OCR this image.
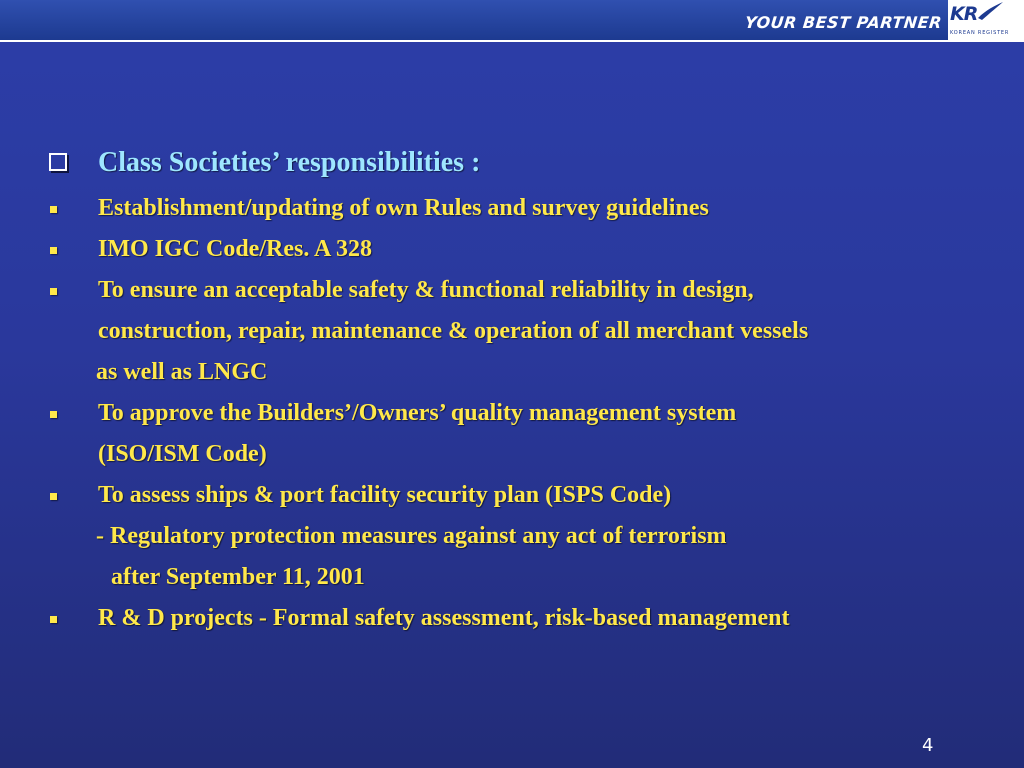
YOUR BEST PARTNER KR
KOREAN REGISTER
Class Societies’ responsibilities :
Establishment/updating of own Rules and survey guidelines
IMO IGC Code/Res. A 328
To ensure an acceptable safety & functional reliability in design,
construction, repair, maintenance & operation of all merchant vessels
as well as LNGC
To approve the Builders’/Owners’ quality management system
(ISO/ISM Code)
To assess ships & port facility security plan (ISPS Code)
- Regulatory protection measures against any act of terrorism
after September 11, 2001
R & D projects - Formal safety assessment, risk-based management
4
